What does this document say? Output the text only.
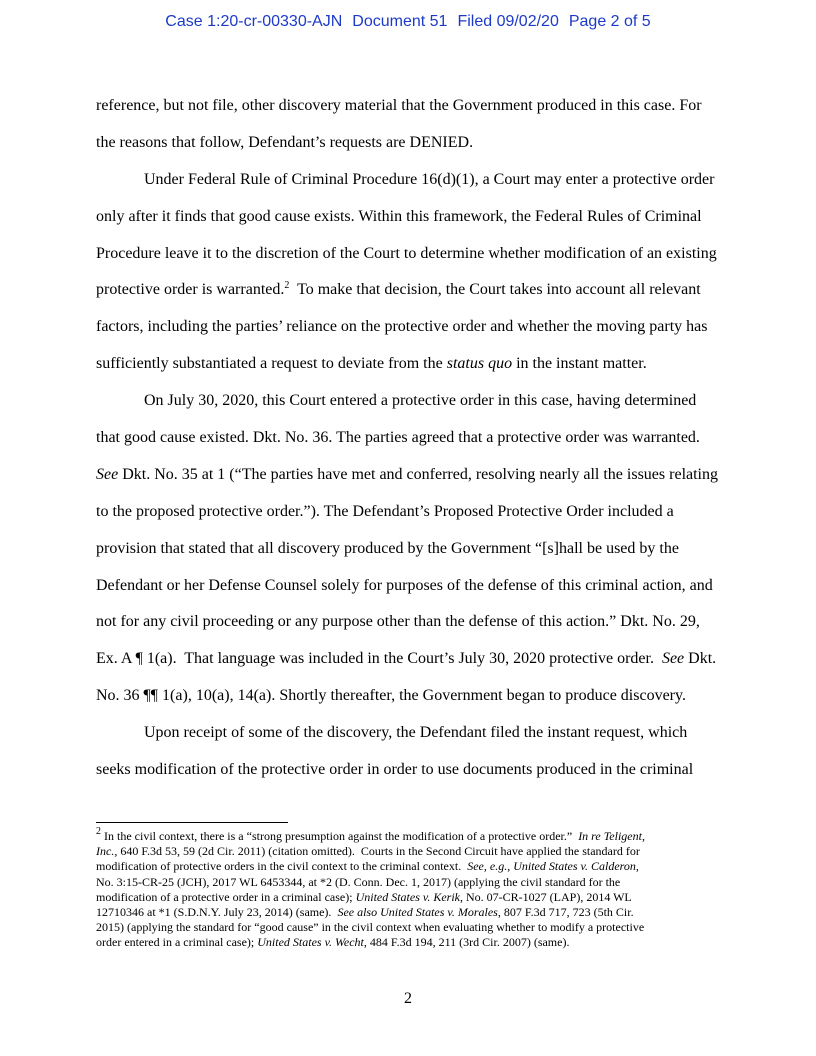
Case 1:20-cr-00330-AJN Document 51 Filed 09/02/20 Page 2 of 5
reference, but not file, other discovery material that the Government produced in this case. For
the reasons that follow, Defendant’s requests are DENIED.
Under Federal Rule of Criminal Procedure 16(d)(1), a Court may enter a protective order
only after it finds that good cause exists. Within this framework, the Federal Rules of Criminal
Procedure leave it to the discretion of the Court to determine whether modification of an existing
protective order is warranted.$^2$  To make that decision, the Court takes into account all relevant
factors, including the parties’ reliance on the protective order and whether the moving party has
sufficiently substantiated a request to deviate from the status quo in the instant matter.
On July 30, 2020, this Court entered a protective order in this case, having determined
that good cause existed. Dkt. No. 36. The parties agreed that a protective order was warranted.
See Dkt. No. 35 at 1 (“The parties have met and conferred, resolving nearly all the issues relating
to the proposed protective order.”). The Defendant’s Proposed Protective Order included a
provision that stated that all discovery produced by the Government “[s]hall be used by the
Defendant or her Defense Counsel solely for purposes of the defense of this criminal action, and
not for any civil proceeding or any purpose other than the defense of this action.” Dkt. No. 29,
Ex. A ¶ 1(a).  That language was included in the Court’s July 30, 2020 protective order.  See Dkt.
No. 36 ¶¶ 1(a), 10(a), 14(a). Shortly thereafter, the Government began to produce discovery.
Upon receipt of some of the discovery, the Defendant filed the instant request, which
seeks modification of the protective order in order to use documents produced in the criminal
$^2$ In the civil context, there is a “strong presumption against the modification of a protective order.”  In re Teligent,
Inc., 640 F.3d 53, 59 (2d Cir. 2011) (citation omitted).  Courts in the Second Circuit have applied the standard for
modification of protective orders in the civil context to the criminal context.  See, e.g., United States v. Calderon,
No. 3:15-CR-25 (JCH), 2017 WL 6453344, at *2 (D. Conn. Dec. 1, 2017) (applying the civil standard for the
modification of a protective order in a criminal case); United States v. Kerik, No. 07-CR-1027 (LAP), 2014 WL
12710346 at *1 (S.D.N.Y. July 23, 2014) (same).  See also United States v. Morales, 807 F.3d 717, 723 (5th Cir.
2015) (applying the standard for “good cause” in the civil context when evaluating whether to modify a protective
order entered in a criminal case); United States v. Wecht, 484 F.3d 194, 211 (3rd Cir. 2007) (same).
2
